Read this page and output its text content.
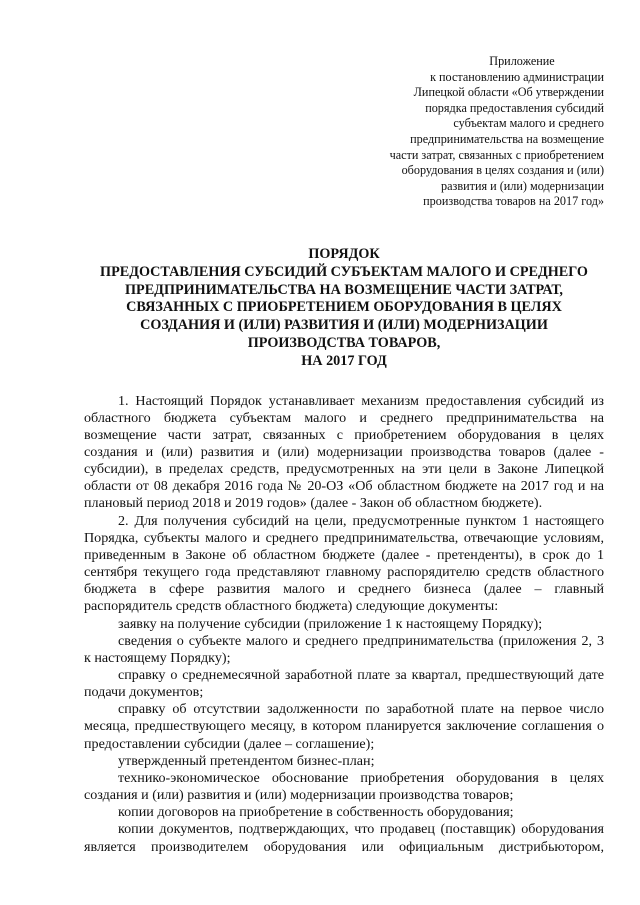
Приложение
к постановлению администрации
Липецкой области «Об утверждении
порядка предоставления субсидий
субъектам малого и среднего
предпринимательства на возмещение
части затрат, связанных с приобретением
оборудования в целях создания и (или)
развития и (или) модернизации
производства товаров на 2017 год»
ПОРЯДОК
ПРЕДОСТАВЛЕНИЯ СУБСИДИЙ СУБЪЕКТАМ МАЛОГО И СРЕДНЕГО
ПРЕДПРИНИМАТЕЛЬСТВА НА ВОЗМЕЩЕНИЕ ЧАСТИ ЗАТРАТ,
СВЯЗАННЫХ С ПРИОБРЕТЕНИЕМ ОБОРУДОВАНИЯ В ЦЕЛЯХ
СОЗДАНИЯ И (ИЛИ) РАЗВИТИЯ И (ИЛИ) МОДЕРНИЗАЦИИ
ПРОИЗВОДСТВА ТОВАРОВ,
НА 2017 ГОД
1. Настоящий Порядок устанавливает механизм предоставления субсидий из
областного бюджета субъектам малого и среднего предпринимательства на
возмещение части затрат, связанных с приобретением оборудования в целях
создания и (или) развития и (или) модернизации производства товаров (далее -
субсидии), в пределах средств, предусмотренных на эти цели в Законе Липецкой
области от 08 декабря 2016 года № 20-ОЗ «Об областном бюджете на 2017 год и на
плановый период 2018 и 2019 годов» (далее - Закон об областном бюджете).
2. Для получения субсидий на цели, предусмотренные пунктом 1 настоящего
Порядка, субъекты малого и среднего предпринимательства, отвечающие условиям,
приведенным в Законе об областном бюджете (далее - претенденты), в срок до 1
сентября текущего года представляют главному распорядителю средств областного
бюджета в сфере развития малого и среднего бизнеса (далее – главный
распорядитель средств областного бюджета) следующие документы:
заявку на получение субсидии (приложение 1 к настоящему Порядку);
сведения о субъекте малого и среднего предпринимательства (приложения 2, 3
к настоящему Порядку);
справку о среднемесячной заработной плате за квартал, предшествующий дате
подачи документов;
справку об отсутствии задолженности по заработной плате на первое число
месяца, предшествующего месяцу, в котором планируется заключение соглашения о
предоставлении субсидии (далее – соглашение);
утвержденный претендентом бизнес-план;
технико-экономическое обоснование приобретения оборудования в целях
создания и (или) развития и (или) модернизации производства товаров;
копии договоров на приобретение в собственность оборудования;
копии документов, подтверждающих, что продавец (поставщик) оборудования
является производителем оборудования или официальным дистрибьютором,
